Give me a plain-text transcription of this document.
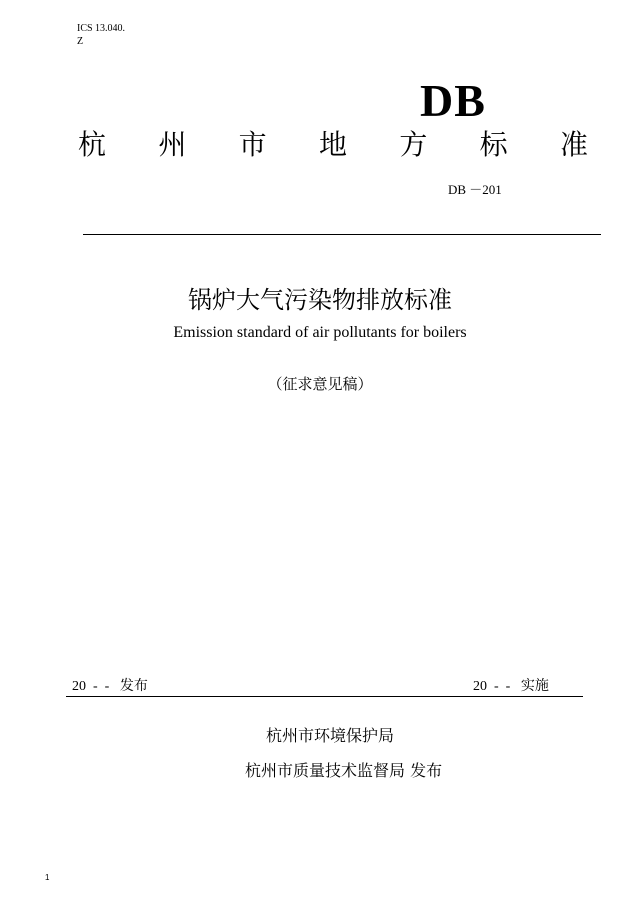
ICS 13.040.
Z
DB
杭 州 市 地 方 标 准
DB －201
锅炉大气污染物排放标准
Emission standard of air pollutants for boilers
（征求意见稿）
20  -  -   发布	20  -  -   实施
杭州市环境保护局
杭州市质量技术监督局 发布
1
